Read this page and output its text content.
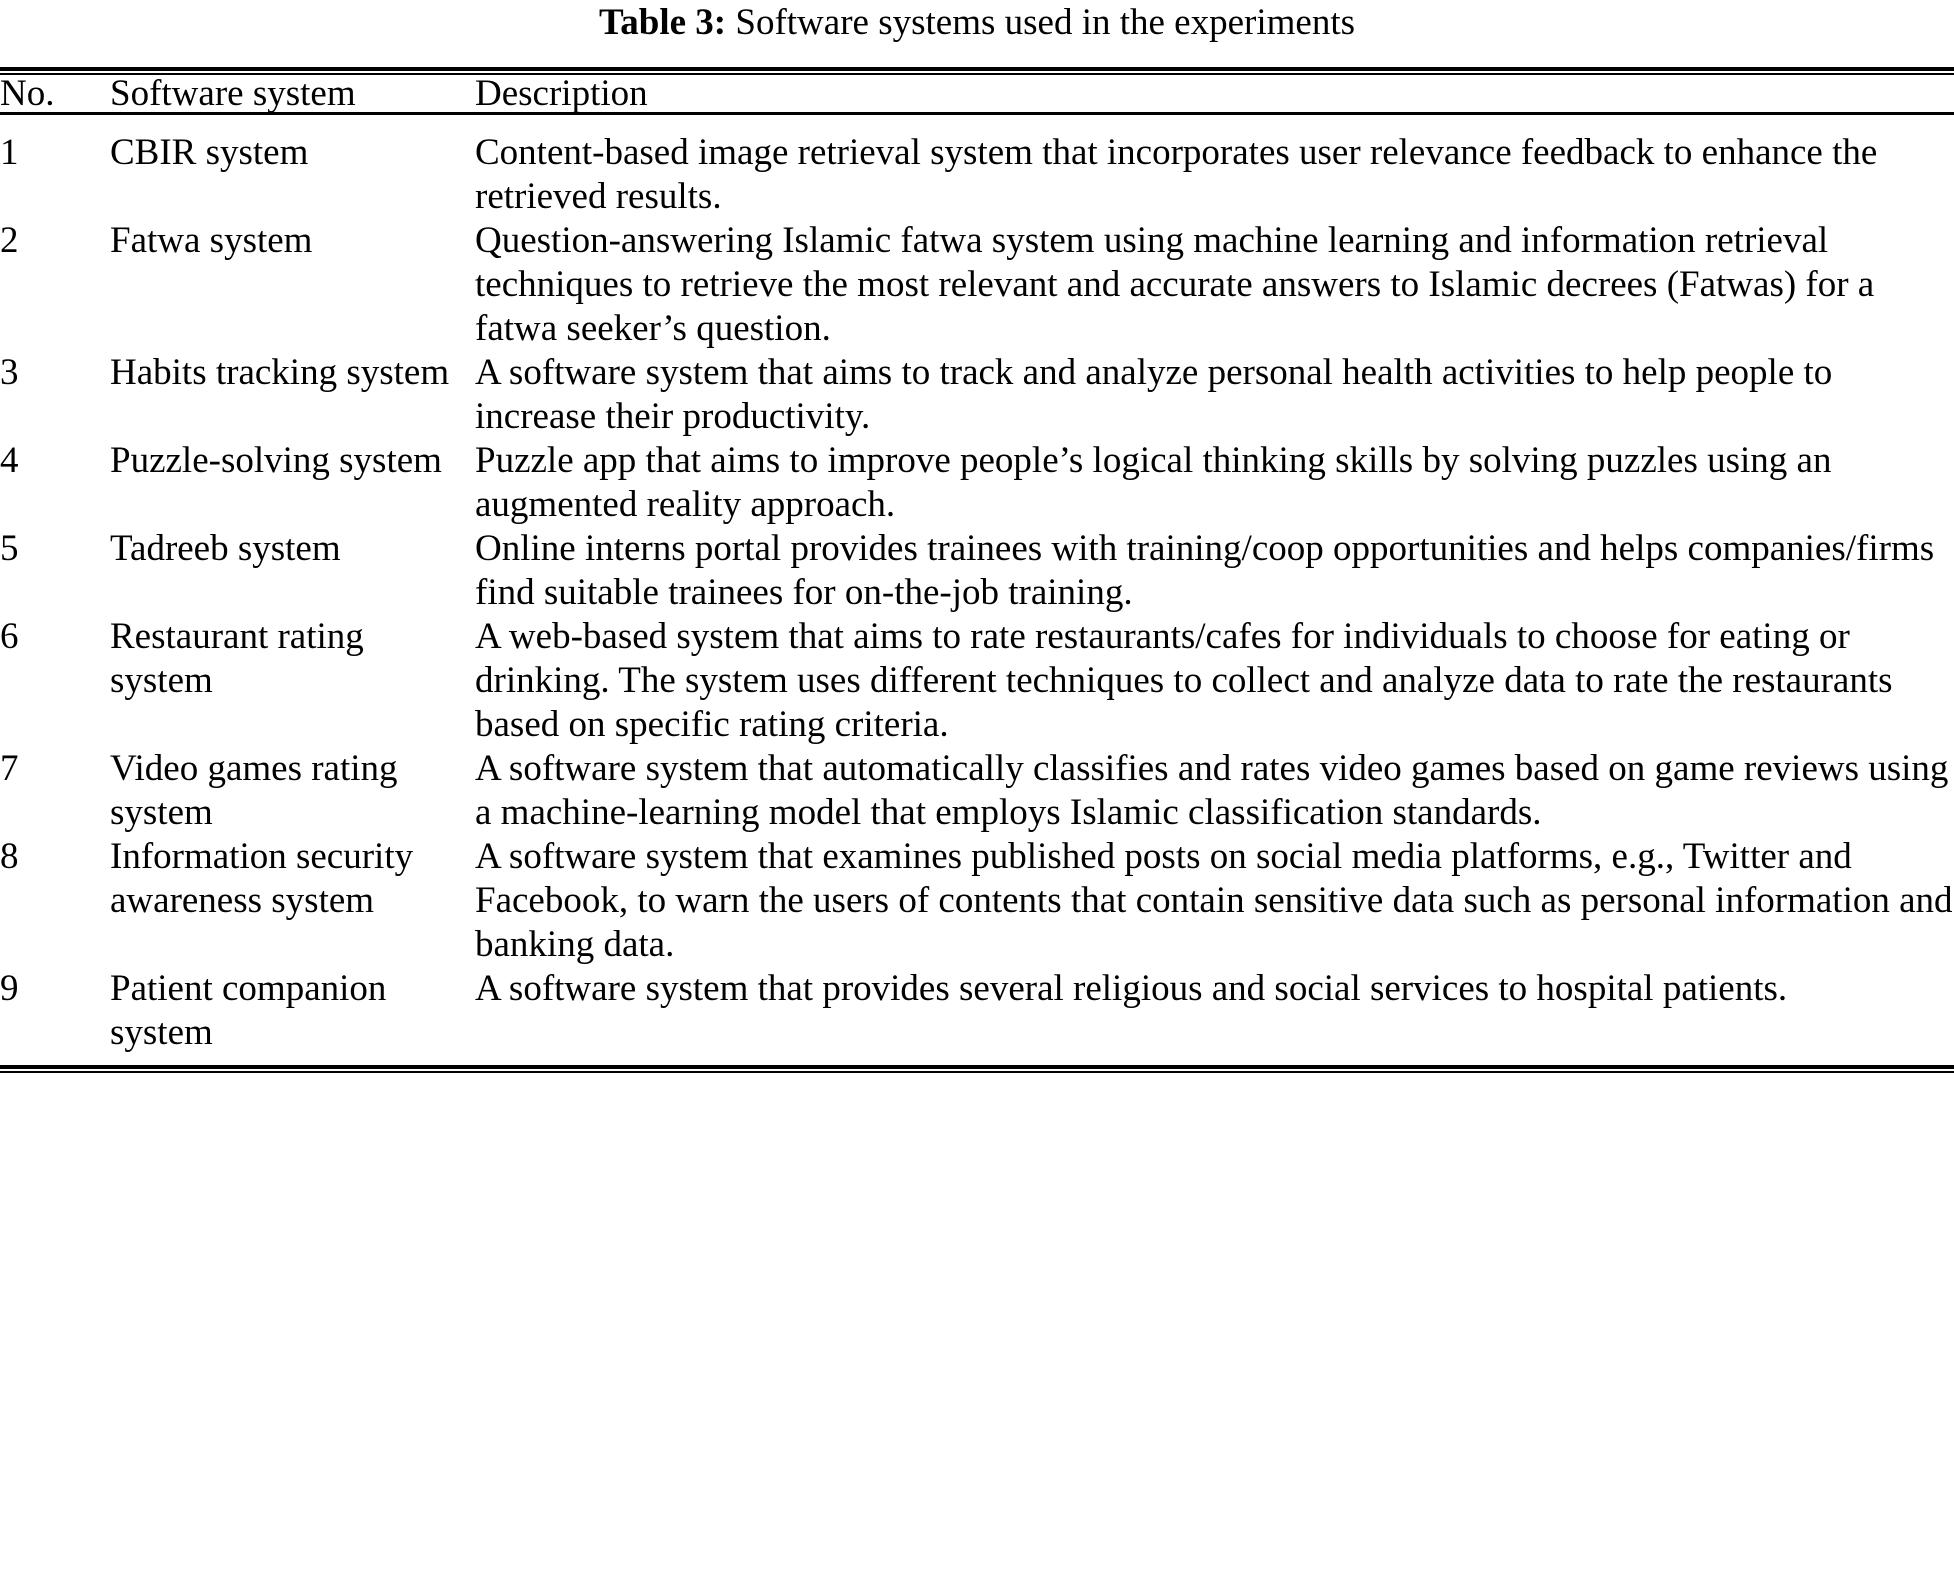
Table 3: Software systems used in the experiments
No.	Software system	Description
1	CBIR system	Content-based image retrieval system that incorporates user relevance feedback to enhance the retrieved results.
2	Fatwa system	Question-answering Islamic fatwa system using machine learning and information retrieval techniques to retrieve the most relevant and accurate answers to Islamic decrees (Fatwas) for a fatwa seeker’s question.
3	Habits tracking system	A software system that aims to track and analyze personal health activities to help people to increase their productivity.
4	Puzzle-solving system	Puzzle app that aims to improve people’s logical thinking skills by solving puzzles using an augmented reality approach.
5	Tadreeb system	Online interns portal provides trainees with training/coop opportunities and helps companies/firms find suitable trainees for on-the-job training.
6	Restaurant rating system	A web-based system that aims to rate restaurants/cafes for individuals to choose for eating or drinking. The system uses different techniques to collect and analyze data to rate the restaurants based on specific rating criteria.
7	Video games rating system	A software system that automatically classifies and rates video games based on game reviews using a machine-learning model that employs Islamic classification standards.
8	Information security awareness system	A software system that examines published posts on social media platforms, e.g., Twitter and Facebook, to warn the users of contents that contain sensitive data such as personal information and banking data.
9	Patient companion system	A software system that provides several religious and social services to hospital patients.
